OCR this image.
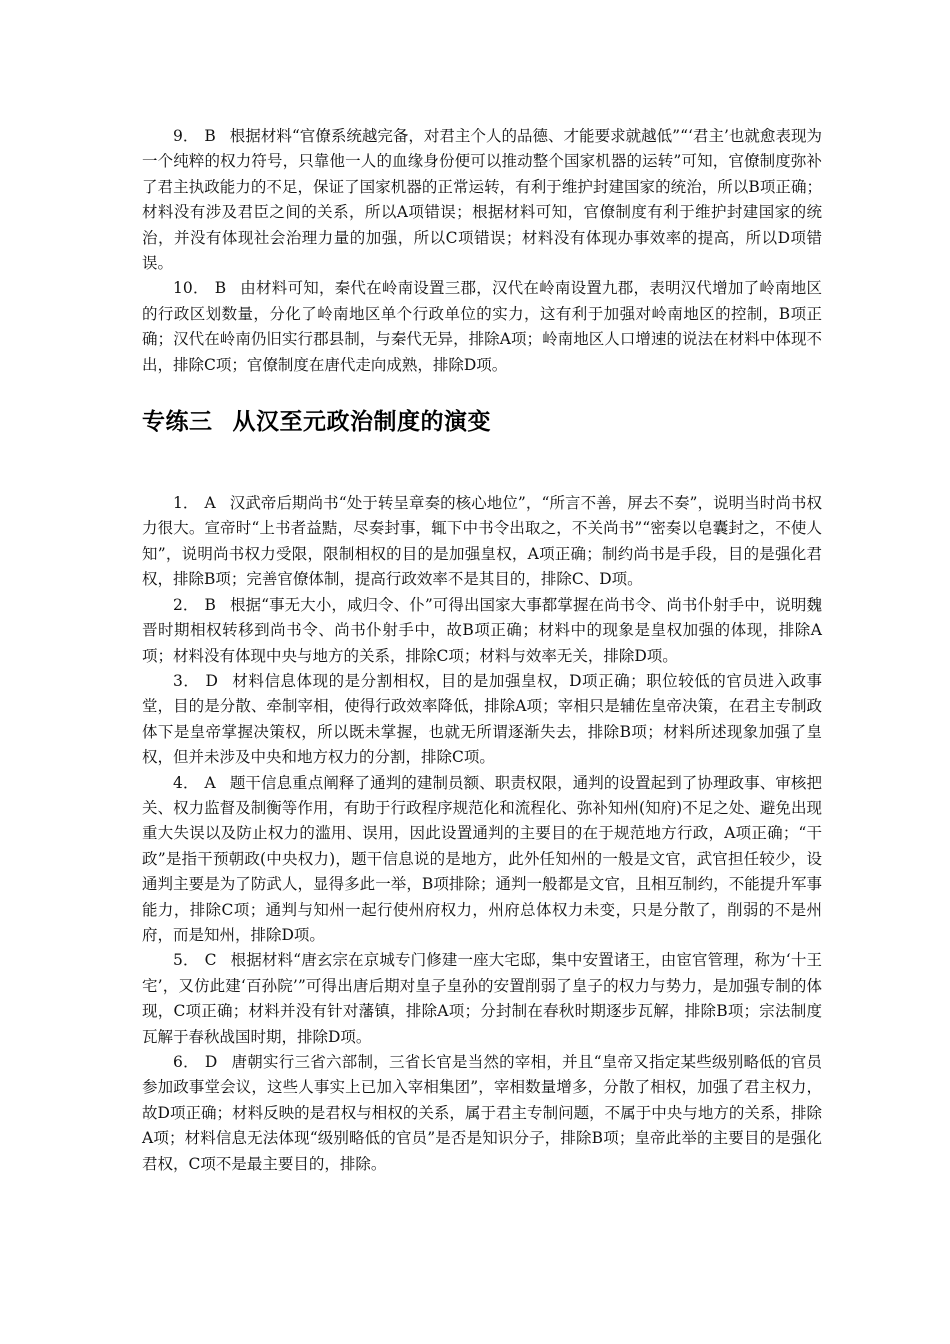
9． B 根据材料“官僚系统越完备，对君主个人的品德、才能要求就越低”“‘君主’也就愈表现为一个纯粹的权力符号，只靠他一人的血缘身份便可以推动整个国家机器的运转”可知，官僚制度弥补了君主执政能力的不足，保证了国家机器的正常运转，有利于维护封建国家的统治，所以B项正确；材料没有涉及君臣之间的关系，所以A项错误；根据材料可知，官僚制度有利于维护封建国家的统治，并没有体现社会治理力量的加强，所以C项错误；材料没有体现办事效率的提高，所以D项错误。

10． B 由材料可知，秦代在岭南设置三郡，汉代在岭南设置九郡，表明汉代增加了岭南地区的行政区划数量，分化了岭南地区单个行政单位的实力，这有利于加强对岭南地区的控制，B项正确；汉代在岭南仍旧实行郡县制，与秦代无异，排除A项；岭南地区人口增速的说法在材料中体现不出，排除C项；官僚制度在唐代走向成熟，排除D项。

专练三 从汉至元政治制度的演变

1． A 汉武帝后期尚书“处于转呈章奏的核心地位”，“所言不善，屏去不奏”，说明当时尚书权力很大。宣帝时“上书者益黠，尽奏封事，辄下中书令出取之，不关尚书”“密奏以皂囊封之，不使人知”，说明尚书权力受限，限制相权的目的是加强皇权，A项正确；制约尚书是手段，目的是强化君权，排除B项；完善官僚体制，提高行政效率不是其目的，排除C、D项。

2． B 根据“事无大小，咸归令、仆”可得出国家大事都掌握在尚书令、尚书仆射手中，说明魏晋时期相权转移到尚书令、尚书仆射手中，故B项正确；材料中的现象是皇权加强的体现，排除A项；材料没有体现中央与地方的关系，排除C项；材料与效率无关，排除D项。

3． D 材料信息体现的是分割相权，目的是加强皇权，D项正确；职位较低的官员进入政事堂，目的是分散、牵制宰相，使得行政效率降低，排除A项；宰相只是辅佐皇帝决策，在君主专制政体下是皇帝掌握决策权，所以既未掌握，也就无所谓逐渐失去，排除B项；材料所述现象加强了皇权，但并未涉及中央和地方权力的分割，排除C项。

4． A 题干信息重点阐释了通判的建制员额、职责权限，通判的设置起到了协理政事、审核把关、权力监督及制衡等作用，有助于行政程序规范化和流程化、弥补知州(知府)不足之处、避免出现重大失误以及防止权力的滥用、误用，因此设置通判的主要目的在于规范地方行政，A项正确；“干政”是指干预朝政(中央权力)，题干信息说的是地方，此外任知州的一般是文官，武官担任较少，设通判主要是为了防武人，显得多此一举，B项排除；通判一般都是文官，且相互制约，不能提升军事能力，排除C项；通判与知州一起行使州府权力，州府总体权力未变，只是分散了，削弱的不是州府，而是知州，排除D项。

5． C 根据材料“唐玄宗在京城专门修建一座大宅邸，集中安置诸王，由宦官管理，称为‘十王宅’，又仿此建‘百孙院’”可得出唐后期对皇子皇孙的安置削弱了皇子的权力与势力，是加强专制的体现，C项正确；材料并没有针对藩镇，排除A项；分封制在春秋时期逐步瓦解，排除B项；宗法制度瓦解于春秋战国时期，排除D项。

6． D 唐朝实行三省六部制，三省长官是当然的宰相，并且“皇帝又指定某些级别略低的官员参加政事堂会议，这些人事实上已加入宰相集团”，宰相数量增多，分散了相权，加强了君主权力，故D项正确；材料反映的是君权与相权的关系，属于君主专制问题，不属于中央与地方的关系，排除A项；材料信息无法体现“级别略低的官员”是否是知识分子，排除B项；皇帝此举的主要目的是强化君权，C项不是最主要目的，排除。
